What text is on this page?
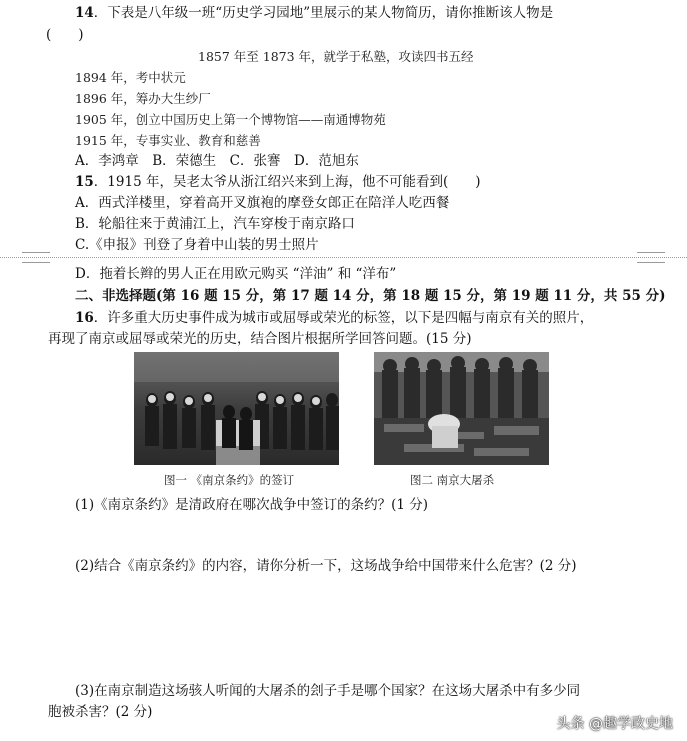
14．下表是八年级一班“历史学习园地”里展示的某人物简历，请你推断该人物是
(　　)
1857 年至 1873 年，就学于私塾，攻读四书五经
1894 年，考中状元
1896 年，筹办大生纱厂
1905 年，创立中国历史上第一个博物馆——南通博物苑
1915 年，专事实业、教育和慈善
A．李鸿章　B．荣德生　C．张謇　D．范旭东
15．1915 年，吴老太爷从浙江绍兴来到上海，他不可能看到(　　)
A．西式洋楼里，穿着高开叉旗袍的摩登女郎正在陪洋人吃西餐
B．轮船往来于黄浦江上，汽车穿梭于南京路口
C.《申报》刊登了身着中山装的男士照片
D．拖着长辫的男人正在用欧元购买 “洋油” 和 “洋布”
二、非选择题(第 16 题 15 分，第 17 题 14 分，第 18 题 15 分，第 19 题 11 分，共 55 分)
16．许多重大历史事件成为城市或屈辱或荣光的标签，以下是四幅与南京有关的照片，
再现了南京或屈辱或荣光的历史，结合图片根据所学回答问题。(15 分)
图一 《南京条约》的签订	图二 南京大屠杀
(1)《南京条约》是清政府在哪次战争中签订的条约？(1 分)
(2)结合《南京条约》的内容，请你分析一下，这场战争给中国带来什么危害？(2 分)
(3)在南京制造这场骇人听闻的大屠杀的刽子手是哪个国家？在这场大屠杀中有多少同
胞被杀害？(2 分)
头条 @趣学政史地
